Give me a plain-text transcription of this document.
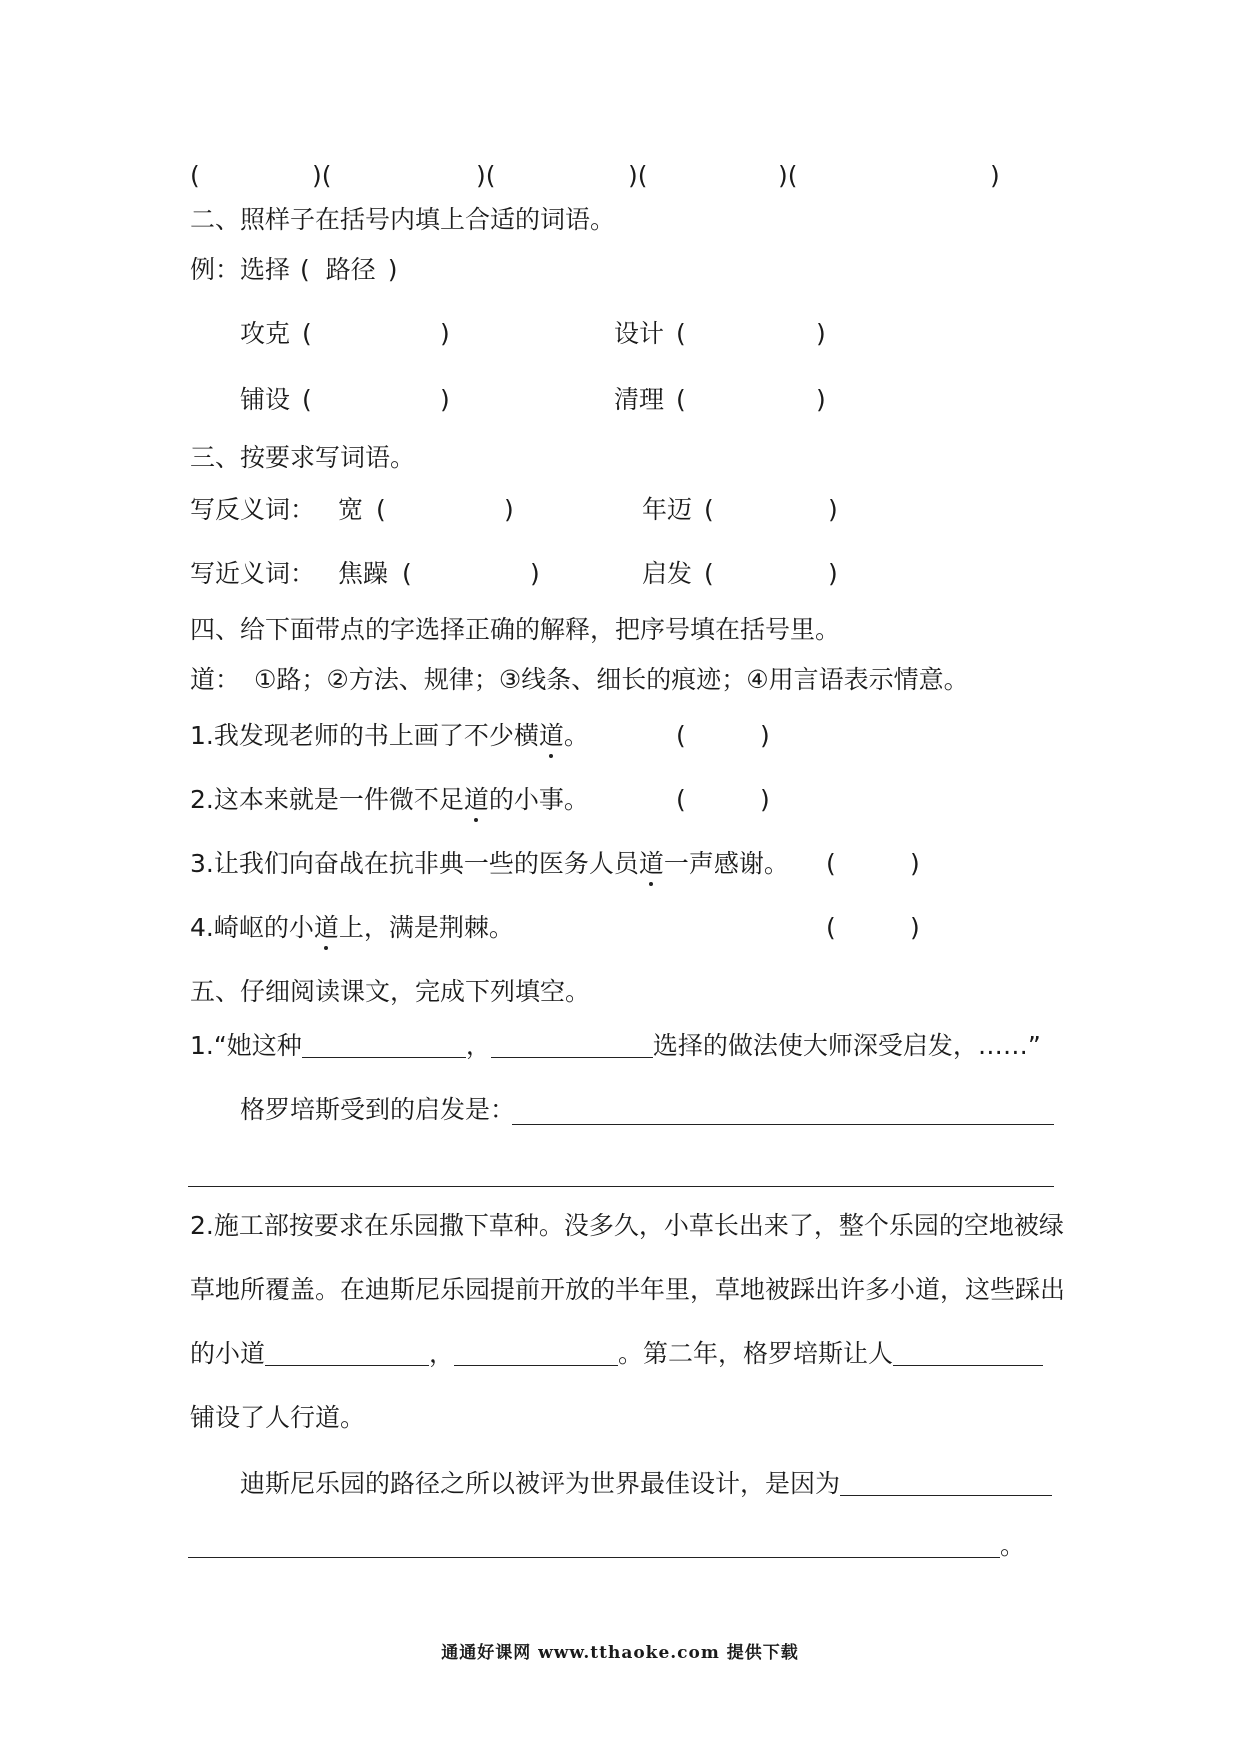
(	)(	)(	)(	)(	)
二、照样子在括号内填上合适的词语。
例：选择 ( 路径 )
攻克 (	)	设计 (	)
铺设 (	)	清理 (	)
三、按要求写词语。
写反义词： 宽 (	)	年迈 (	)
写近义词： 焦躁 (	)	启发 (	)
四、给下面带点的字选择正确的解释，把序号填在括号里。
道： ①路；②方法、规律；③线条、细长的痕迹；④用言语表示情意。
1.我发现老师的书上画了不少横道。	(	)
2.这本来就是一件微不足道的小事。	(	)
3.让我们向奋战在抗非典一些的医务人员道一声感谢。 (	)
4.崎岖的小道上，满是荆棘。	(	)
五、仔细阅读课文，完成下列填空。
1.“她这种	，	选择的做法使大师深受启发，……”
格罗培斯受到的启发是：
2.施工部按要求在乐园撒下草种。没多久，小草长出来了，整个乐园的空地被绿
草地所覆盖。在迪斯尼乐园提前开放的半年里，草地被踩出许多小道，这些踩出
的小道	，	。第二年，格罗培斯让人
铺设了人行道。
迪斯尼乐园的路径之所以被评为世界最佳设计，是因为
。
通通好课网 www.tthaoke.com 提供下载
